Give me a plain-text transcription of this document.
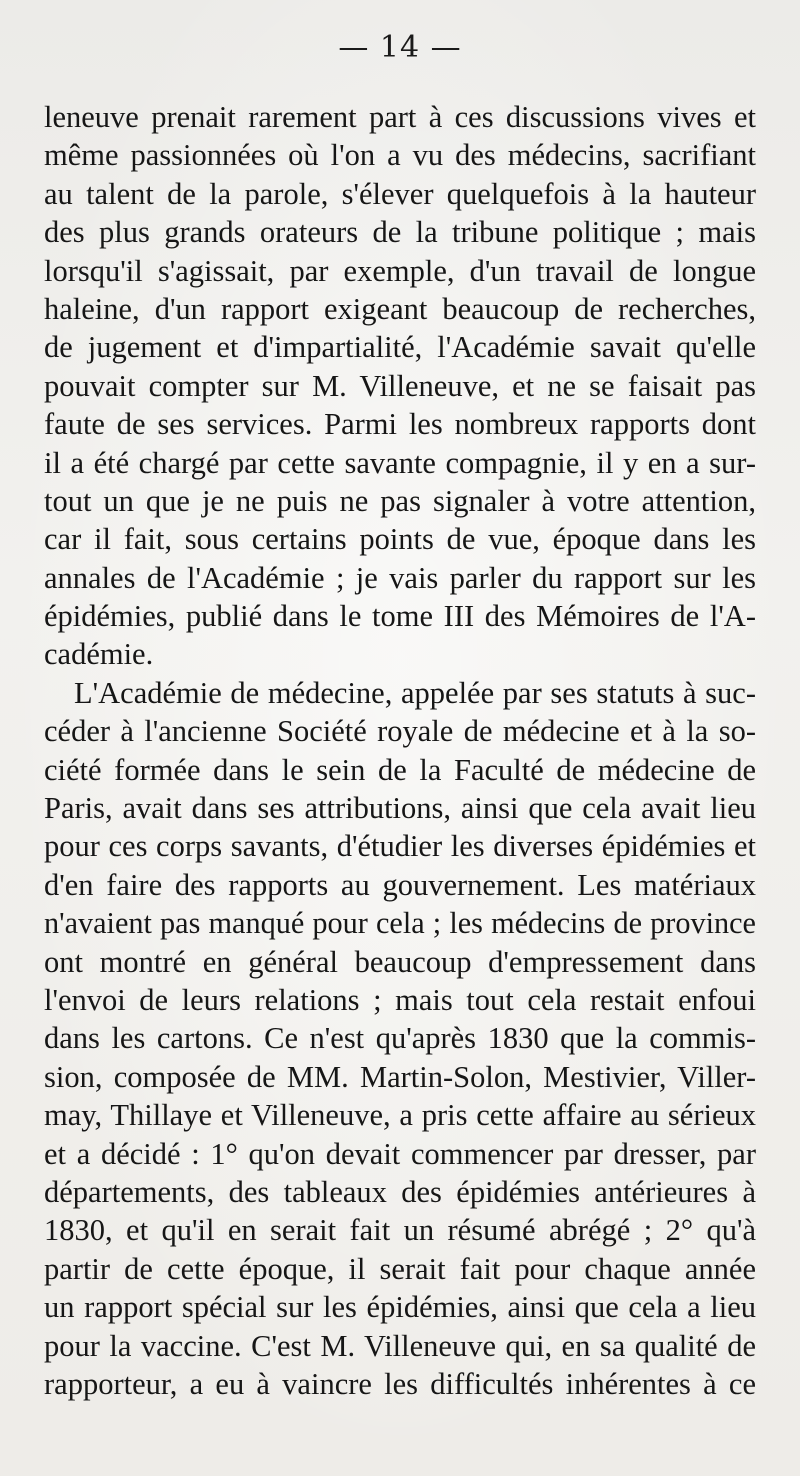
— 14 —
leneuve prenait rarement part à ces discussions vives et
même passionnées où l'on a vu des médecins, sacrifiant
au talent de la parole, s'élever quelquefois à la hauteur
des plus grands orateurs de la tribune politique ; mais
lorsqu'il s'agissait, par exemple, d'un travail de longue
haleine, d'un rapport exigeant beaucoup de recherches,
de jugement et d'impartialité, l'Académie savait qu'elle
pouvait compter sur M. Villeneuve, et ne se faisait pas
faute de ses services. Parmi les nombreux rapports dont
il a été chargé par cette savante compagnie, il y en a sur-
tout un que je ne puis ne pas signaler à votre attention,
car il fait, sous certains points de vue, époque dans les
annales de l'Académie ; je vais parler du rapport sur les
épidémies, publié dans le tome III des Mémoires de l'A-
cadémie.
L'Académie de médecine, appelée par ses statuts à suc-
céder à l'ancienne Société royale de médecine et à la so-
ciété formée dans le sein de la Faculté de médecine de
Paris, avait dans ses attributions, ainsi que cela avait lieu
pour ces corps savants, d'étudier les diverses épidémies et
d'en faire des rapports au gouvernement. Les matériaux
n'avaient pas manqué pour cela ; les médecins de province
ont montré en général beaucoup d'empressement dans
l'envoi de leurs relations ; mais tout cela restait enfoui
dans les cartons. Ce n'est qu'après 1830 que la commis-
sion, composée de MM. Martin-Solon, Mestivier, Viller-
may, Thillaye et Villeneuve, a pris cette affaire au sérieux
et a décidé : 1° qu'on devait commencer par dresser, par
départements, des tableaux des épidémies antérieures à
1830, et qu'il en serait fait un résumé abrégé ; 2° qu'à
partir de cette époque, il serait fait pour chaque année
un rapport spécial sur les épidémies, ainsi que cela a lieu
pour la vaccine. C'est M. Villeneuve qui, en sa qualité de
rapporteur, a eu à vaincre les difficultés inhérentes à ce
